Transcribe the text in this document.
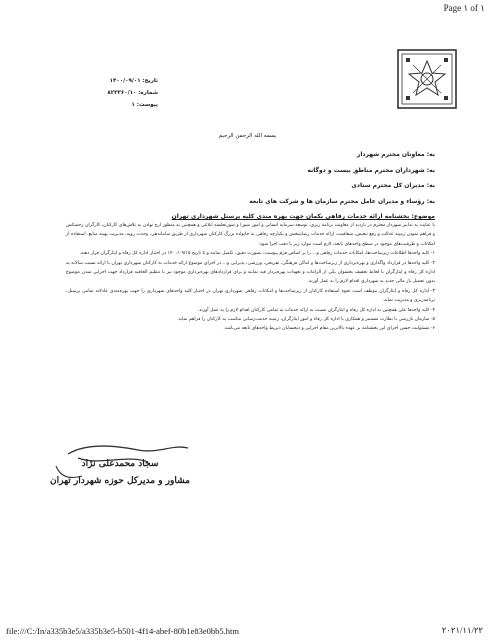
Page ١ of ١
تاریخ: ۱۴۰۰/۰۹/۰۱
شماره: ۸۲۳۳۶۰/۱۰
پیوست: ۱
بسمه الله الرحمن الرحیم
به: معاونان محترم شهردار
به: شهرداران محترم مناطق بیست و دوگانه
به: مدیران کل محترم ستادی
به: رؤساء و مدیران عامل محترم سازمان ها و شرکت های تابعه
موضوع: بخشنامه ارائه خدمات رفاهی نکمان جهت بهره مندی کلیه پرسنل شهرداری تهران

با عنایت به تدابیر شهردار محترم در بازدید از معاونت برنامه ریزی، توسعه سرمایه انسانی و امور شورا و صورتجلسه ابلاغی و همچنین به منظور ارج نهادن به تلاش‌های کارکنان، کارگران زحمتکش و فراهم نمودن زمینه عدالت و رفع تبعیض، شفافیت، ارائه خدمات رضایتبخش و یکپارچه رفاهی به خانواده بزرگ کارکنان شهرداری از طریق ساماندهی، وحدت رویه، مدیریت بهینه منابع، استفاده از امکانات و ظرفیت‌های موجود در سطح واحدهای تابعه، لازم است موارد زیر با دقت اجرا شود:

۱- کلیه واحدها اطلاعات زیرساخت‌ها، امکانات خدمات رفاهی و... را بر اساس فرم پیوست، بصورت دقیق، تکمیل نمایند و تا تاریخ ۱۴۰۰/۰۹/۱۵ در اختیار اداره کل رفاه و ایثارگران قرار دهند.

۲- کلیه واحدها در قرارداد واگذاری و بهره‌برداری از زیرساخت‌ها و اماکن فرهنگی، تفریحی، ورزشی، پذیرایی و... در اجرای موضوع ارائه خدمات به کارکنان شهرداری تهران با ارائه نسبت سالانه به اداره کل رفاه و ایثارگران با لحاظ تخفیف بخشوان یکی از الزامات و تعهدات بهره‌بردار قید نمایند و برای قراردادهای بهره‌برداری موجود نیز با تنظیم الحاقیه قرارداد جهت اجرایی شدن موضوع بدون تحمیل بار مالی جدید به شهرداری اقدام لازم را به عمل آورند.

۳- اداره کل رفاه و ایثارگران موظف است نحوه استفاده کارکنان از زیرساخت‌ها و امکانات رفاهی شهرداری تهران در اختیار کلیه واحدهای شهرداری را جهت بهره‌مندی عادلانه تمامی پرسنل، برنامه‌ریزی و مدیریت نماید.

۴- کلیه واحدها علی همچنین به اداره کل رفاه و ایثارگران نسبت به ارائه خدمات به تمامی کارکنان اقدام لازم را به عمل آورند.

۵- سازمان بازرسی با نظارت مستمر و همکاری با اداره کل رفاه و امور ایثارگران، زمینه خدمت‌رسانی مناسب به کارکنان را فراهم نماید.

۶- مسئولیت حسن اجرای این بخشنامه بر عهده بالاترین مقام اجرایی و ذیحسابان ذیربط واحدهای تابعه می‌باشد.

سجاد محمدعلی نژاد
مشاور و مدیرکل حوزه شهردار تهران
file:///C:/In/a335b3e5/a335b3e5-b501-4f14-abef-80b1e83e0bb5.htm	٢٠٢١/١١/٢٢
